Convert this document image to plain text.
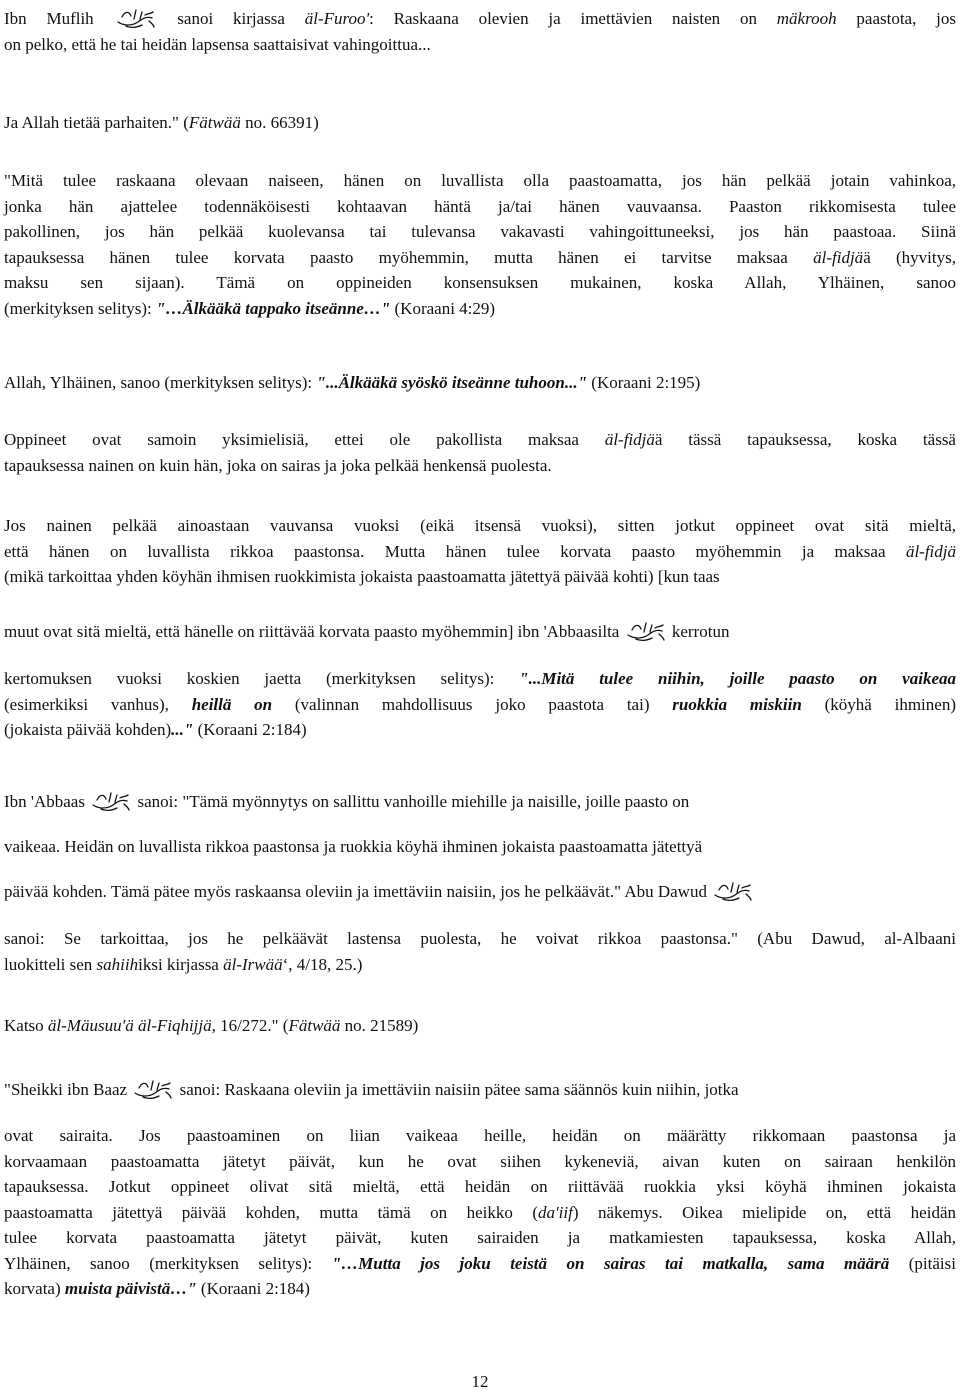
Ibn Muflih	sanoi kirjassa äl-Furoo': Raskaana olevien ja imettävien naisten on mäkrooh paastota, jos
on pelko, että he tai heidän lapsensa saattaisivat vahingoittua...
Ja Allah tietää parhaiten." (Fätwää no. 66391)
"Mitä tulee raskaana olevaan naiseen, hänen on luvallista olla paastoamatta, jos hän pelkää jotain vahinkoa,
jonka hän ajattelee todennäköisesti kohtaavan häntä ja/tai hänen vauvaansa. Paaston rikkomisesta tulee
pakollinen, jos hän pelkää kuolevansa tai tulevansa vakavasti vahingoittuneeksi, jos hän paastoaa. Siinä
tapauksessa hänen tulee korvata paasto myöhemmin, mutta hänen ei tarvitse maksaa äl-fidjää (hyvitys,
maksu sen sijaan). Tämä on oppineiden konsensuksen mukainen, koska Allah, Ylhäinen, sanoo
(merkityksen selitys): "…Älkääkä tappako itseänne…" (Koraani 4:29)
Allah, Ylhäinen, sanoo (merkityksen selitys): "...Älkääkä syöskö itseänne tuhoon..." (Koraani 2:195)
Oppineet ovat samoin yksimielisiä, ettei ole pakollista maksaa äl-fidjää tässä tapauksessa, koska tässä
tapauksessa nainen on kuin hän, joka on sairas ja joka pelkää henkensä puolesta.
Jos nainen pelkää ainoastaan vauvansa vuoksi (eikä itsensä vuoksi), sitten jotkut oppineet ovat sitä mieltä,
että hänen on luvallista rikkoa paastonsa. Mutta hänen tulee korvata paasto myöhemmin ja maksaa äl-fidjä
(mikä tarkoittaa yhden köyhän ihmisen ruokkimista jokaista paastoamatta jätettyä päivää kohti) [kun taas
muut ovat sitä mieltä, että hänelle on riittävää korvata paasto myöhemmin] ibn 'Abbaasilta	kerrotun
kertomuksen vuoksi koskien jaetta (merkityksen selitys): "...Mitä tulee niihin, joille paasto on vaikeaa
(esimerkiksi vanhus), heillä on (valinnan mahdollisuus joko paastota tai) ruokkia miskiin (köyhä ihminen)
(jokaista päivää kohden)..." (Koraani 2:184)
Ibn 'Abbaas	sanoi: "Tämä myönnytys on sallittu vanhoille miehille ja naisille, joille paasto on
vaikeaa. Heidän on luvallista rikkoa paastonsa ja ruokkia köyhä ihminen jokaista paastoamatta jätettyä
päivää kohden. Tämä pätee myös raskaansa oleviin ja imettäviin naisiin, jos he pelkäävät." Abu Dawud
sanoi: Se tarkoittaa, jos he pelkäävät lastensa puolesta, he voivat rikkoa paastonsa." (Abu Dawud, al-Albaani
luokitteli sen sahiihiksi kirjassa äl-Irwää‘, 4/18, 25.)
Katso äl-Mäusuu'ä äl-Fiqhijjä, 16/272." (Fätwää no. 21589)
"Sheikki ibn Baaz	sanoi: Raskaana oleviin ja imettäviin naisiin pätee sama säännös kuin niihin, jotka
ovat sairaita. Jos paastoaminen on liian vaikeaa heille, heidän on määrätty rikkomaan paastonsa ja
korvaamaan paastoamatta jätetyt päivät, kun he ovat siihen kykeneviä, aivan kuten on sairaan henkilön
tapauksessa. Jotkut oppineet olivat sitä mieltä, että heidän on riittävää ruokkia yksi köyhä ihminen jokaista
paastoamatta jätettyä päivää kohden, mutta tämä on heikko (da'iif) näkemys. Oikea mielipide on, että heidän
tulee korvata paastoamatta jätetyt päivät, kuten sairaiden ja matkamiesten tapauksessa, koska Allah,
Ylhäinen, sanoo (merkityksen selitys): "…Mutta jos joku teistä on sairas tai matkalla, sama määrä (pitäisi
korvata) muista päivistä…" (Koraani 2:184)
12
